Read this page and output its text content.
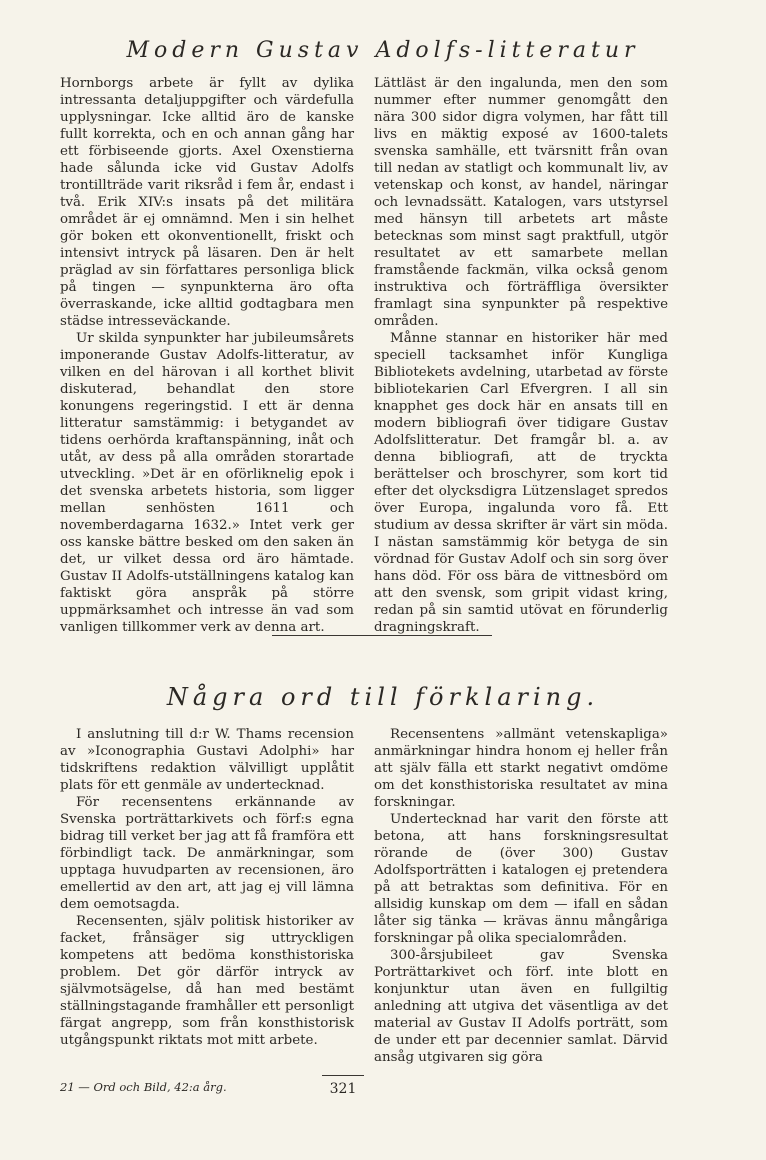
Modern Gustav Adolfs-litteratur

Hornborgs arbete är fyllt av dylika intressanta detaljuppgifter och värdefulla upplysningar. Icke alltid äro de kanske fullt korrekta, och en och annan gång har ett förbiseende gjorts. Axel Oxenstierna hade sålunda icke vid Gustav Adolfs trontillträde varit riksråd i fem år, endast i två. Erik XIV:s insats på det militära området är ej omnämnd. Men i sin helhet gör boken ett okonventionellt, friskt och intensivt intryck på läsaren. Den är helt präglad av sin författares personliga blick på tingen — synpunkterna äro ofta överraskande, icke alltid godtagbara men städse intresseväckande.

Ur skilda synpunkter har jubileumsårets imponerande Gustav Adolfs-litteratur, av vilken en del härovan i all korthet blivit diskuterad, behandlat den store konungens regeringstid. I ett är denna litteratur samstämmig: i betygandet av tidens oerhörda kraftanspänning, inåt och utåt, av dess på alla områden storartade utveckling. »Det är en oförliknelig epok i det svenska arbetets historia, som ligger mellan senhösten 1611 och novemberdagarna 1632.» Intet verk ger oss kanske bättre besked om den saken än det, ur vilket dessa ord äro hämtade. Gustav II Adolfs-utställningens katalog kan faktiskt göra anspråk på större uppmärksamhet och intresse än vad som vanligen tillkommer verk av denna art.

Lättläst är den ingalunda, men den som nummer efter nummer genomgått den nära 300 sidor digra volymen, har fått till livs en mäktig exposé av 1600-talets svenska samhälle, ett tvärsnitt från ovan till nedan av statligt och kommunalt liv, av vetenskap och konst, av handel, näringar och levnadssätt. Katalogen, vars utstyrsel med hänsyn till arbetets art måste betecknas som minst sagt praktfull, utgör resultatet av ett samarbete mellan framstående fackmän, vilka också genom instruktiva och förträffliga översikter framlagt sina synpunkter på respektive områden.

Månne stannar en historiker här med speciell tacksamhet inför Kungliga Bibliotekets avdelning, utarbetad av förste bibliotekarien Carl Efvergren. I all sin knapphet ges dock här en ansats till en modern bibliografi över tidigare Gustav Adolfslitteratur. Det framgår bl. a. av denna bibliografi, att de tryckta berättelser och broschyrer, som kort tid efter det olycksdigra Lützenslaget spredos över Europa, ingalunda voro få. Ett studium av dessa skrifter är värt sin möda. I nästan samstämmig kör betyga de sin vördnad för Gustav Adolf och sin sorg över hans död. För oss bära de vittnesbörd om att den svensk, som gripit vidast kring, redan på sin samtid utövat en förunderlig dragningskraft.

Några ord till förklaring.

I anslutning till d:r W. Thams recension av »Iconographia Gustavi Adolphi» har tidskriftens redaktion välvilligt upplåtit plats för ett genmäle av undertecknad.

För recensentens erkännande av Svenska porträttarkivets och förf:s egna bidrag till verket ber jag att få framföra ett förbindligt tack. De anmärkningar, som upptaga huvudparten av recensionen, äro emellertid av den art, att jag ej vill lämna dem oemotsagda.

Recensenten, själv politisk historiker av facket, frånsäger sig uttryckligen kompetens att bedöma konsthistoriska problem. Det gör därför intryck av självmotsägelse, då han med bestämt ställningstagande framhåller ett personligt färgat angrepp, som från konsthistorisk utgångspunkt riktats mot mitt arbete.

Recensentens »allmänt vetenskapliga» anmärkningar hindra honom ej heller från att själv fälla ett starkt negativt omdöme om det konsthistoriska resultatet av mina forskningar.

Undertecknad har varit den förste att betona, att hans forskningsresultat rörande de (över 300) Gustav Adolfsporträtten i katalogen ej pretendera på att betraktas som definitiva. För en allsidig kunskap om dem — ifall en sådan låter sig tänka — krävas ännu mångåriga forskningar på olika specialområden.

300-årsjubileet gav Svenska Porträttarkivet och förf. inte blott en konjunktur utan även en fullgiltig anledning att utgiva det väsentliga av det material av Gustav II Adolfs porträtt, som de under ett par decennier samlat. Därvid ansåg utgivaren sig göra

21 — Ord och Bild, 42:a årg.	321
